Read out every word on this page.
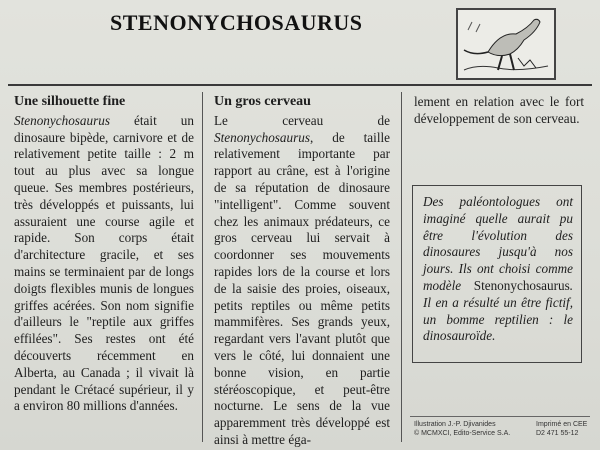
STENONYCHOSAURUS
Une silhouette fine

Stenonychosaurus était un dinosaure bipède, carnivore et de relativement petite taille : 2 m tout au plus avec sa longue queue. Ses membres postérieurs, très développés et puissants, lui assuraient une course agile et rapide. Son corps était d'architecture gracile, et ses mains se terminaient par de longs doigts flexibles munis de longues griffes acérées. Son nom signifie d'ailleurs le "reptile aux griffes effilées". Ses restes ont été découverts récemment en Alberta, au Canada ; il vivait là pendant le Crétacé supérieur, il y a environ 80 millions d'années.

Un gros cerveau

Le cerveau de Stenonychosaurus, de taille relativement importante par rapport au crâne, est à l'origine de sa réputation de dinosaure "intelligent". Comme souvent chez les animaux prédateurs, ce gros cerveau lui servait à coordonner ses mouvements rapides lors de la course et lors de la saisie des proies, oiseaux, petits reptiles ou même petits mammifères. Ses grands yeux, regardant vers l'avant plutôt que vers le côté, lui donnaient une bonne vision, en partie stéréoscopique, et peut-être nocturne. Le sens de la vue apparemment très développé est ainsi à mettre éga-

lement en relation avec le fort développement de son cerveau.

Des paléontologues ont imaginé quelle aurait pu être l'évolution des dinosaures jusqu'à nos jours. Ils ont choisi comme modèle Stenonychosaurus. Il en a résulté un être fictif, un bomme reptilien : le dinosauroïde.
Illustration J.-P. Djivanides
© MCMXCI, Edito-Service S.A.
Imprimé en CEE
D2 471 55-12
